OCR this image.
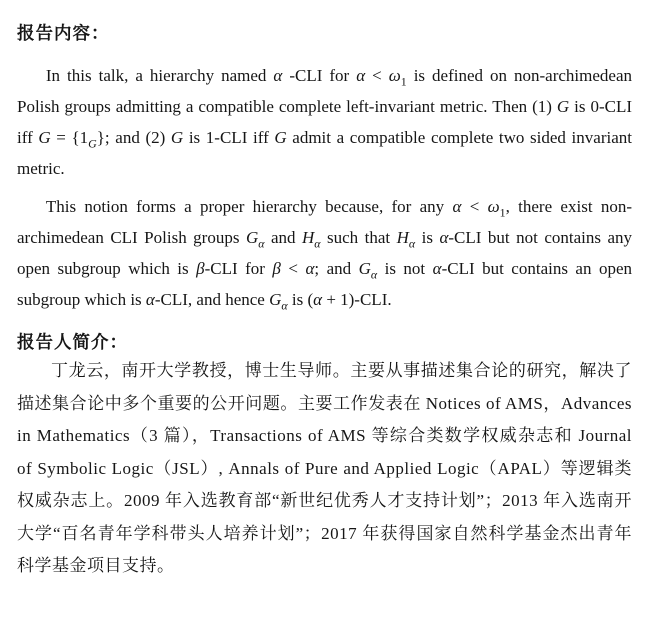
报告内容：

In this talk, a hierarchy named α -CLI for $\alpha < \omega_1$ is defined on non-archimedean Polish groups admitting a compatible complete left-invariant metric. Then (1) G is 0-CLI iff $G = \{1_G\}$; and (2) G is 1-CLI iff G admit a compatible complete two sided invariant metric.

This notion forms a proper hierarchy because, for any $\alpha < \omega_1$, there exist non-archimedean CLI Polish groups $G_\alpha$ and $H_\alpha$ such that $H_\alpha$ is α-CLI but not contains any open subgroup which is β-CLI for β < α; and $G_\alpha$ is not α-CLI but contains an open subgroup which is α-CLI, and hence $G_\alpha$ is (α + 1)-CLI.

报告人简介：

丁龙云，南开大学教授，博士生导师。主要从事描述集合论的研究，解决了描述集合论中多个重要的公开问题。主要工作发表在 Notices of AMS，Advances in Mathematics（3 篇），Transactions of AMS 等综合类数学权威杂志和 Journal of Symbolic Logic（JSL）, Annals of Pure and Applied Logic（APAL）等逻辑类权威杂志上。2009 年入选教育部“新世纪优秀人才支持计划”；2013 年入选南开大学“百名青年学科带头人培养计划”；2017 年获得国家自然科学基金杰出青年科学基金项目支持。
